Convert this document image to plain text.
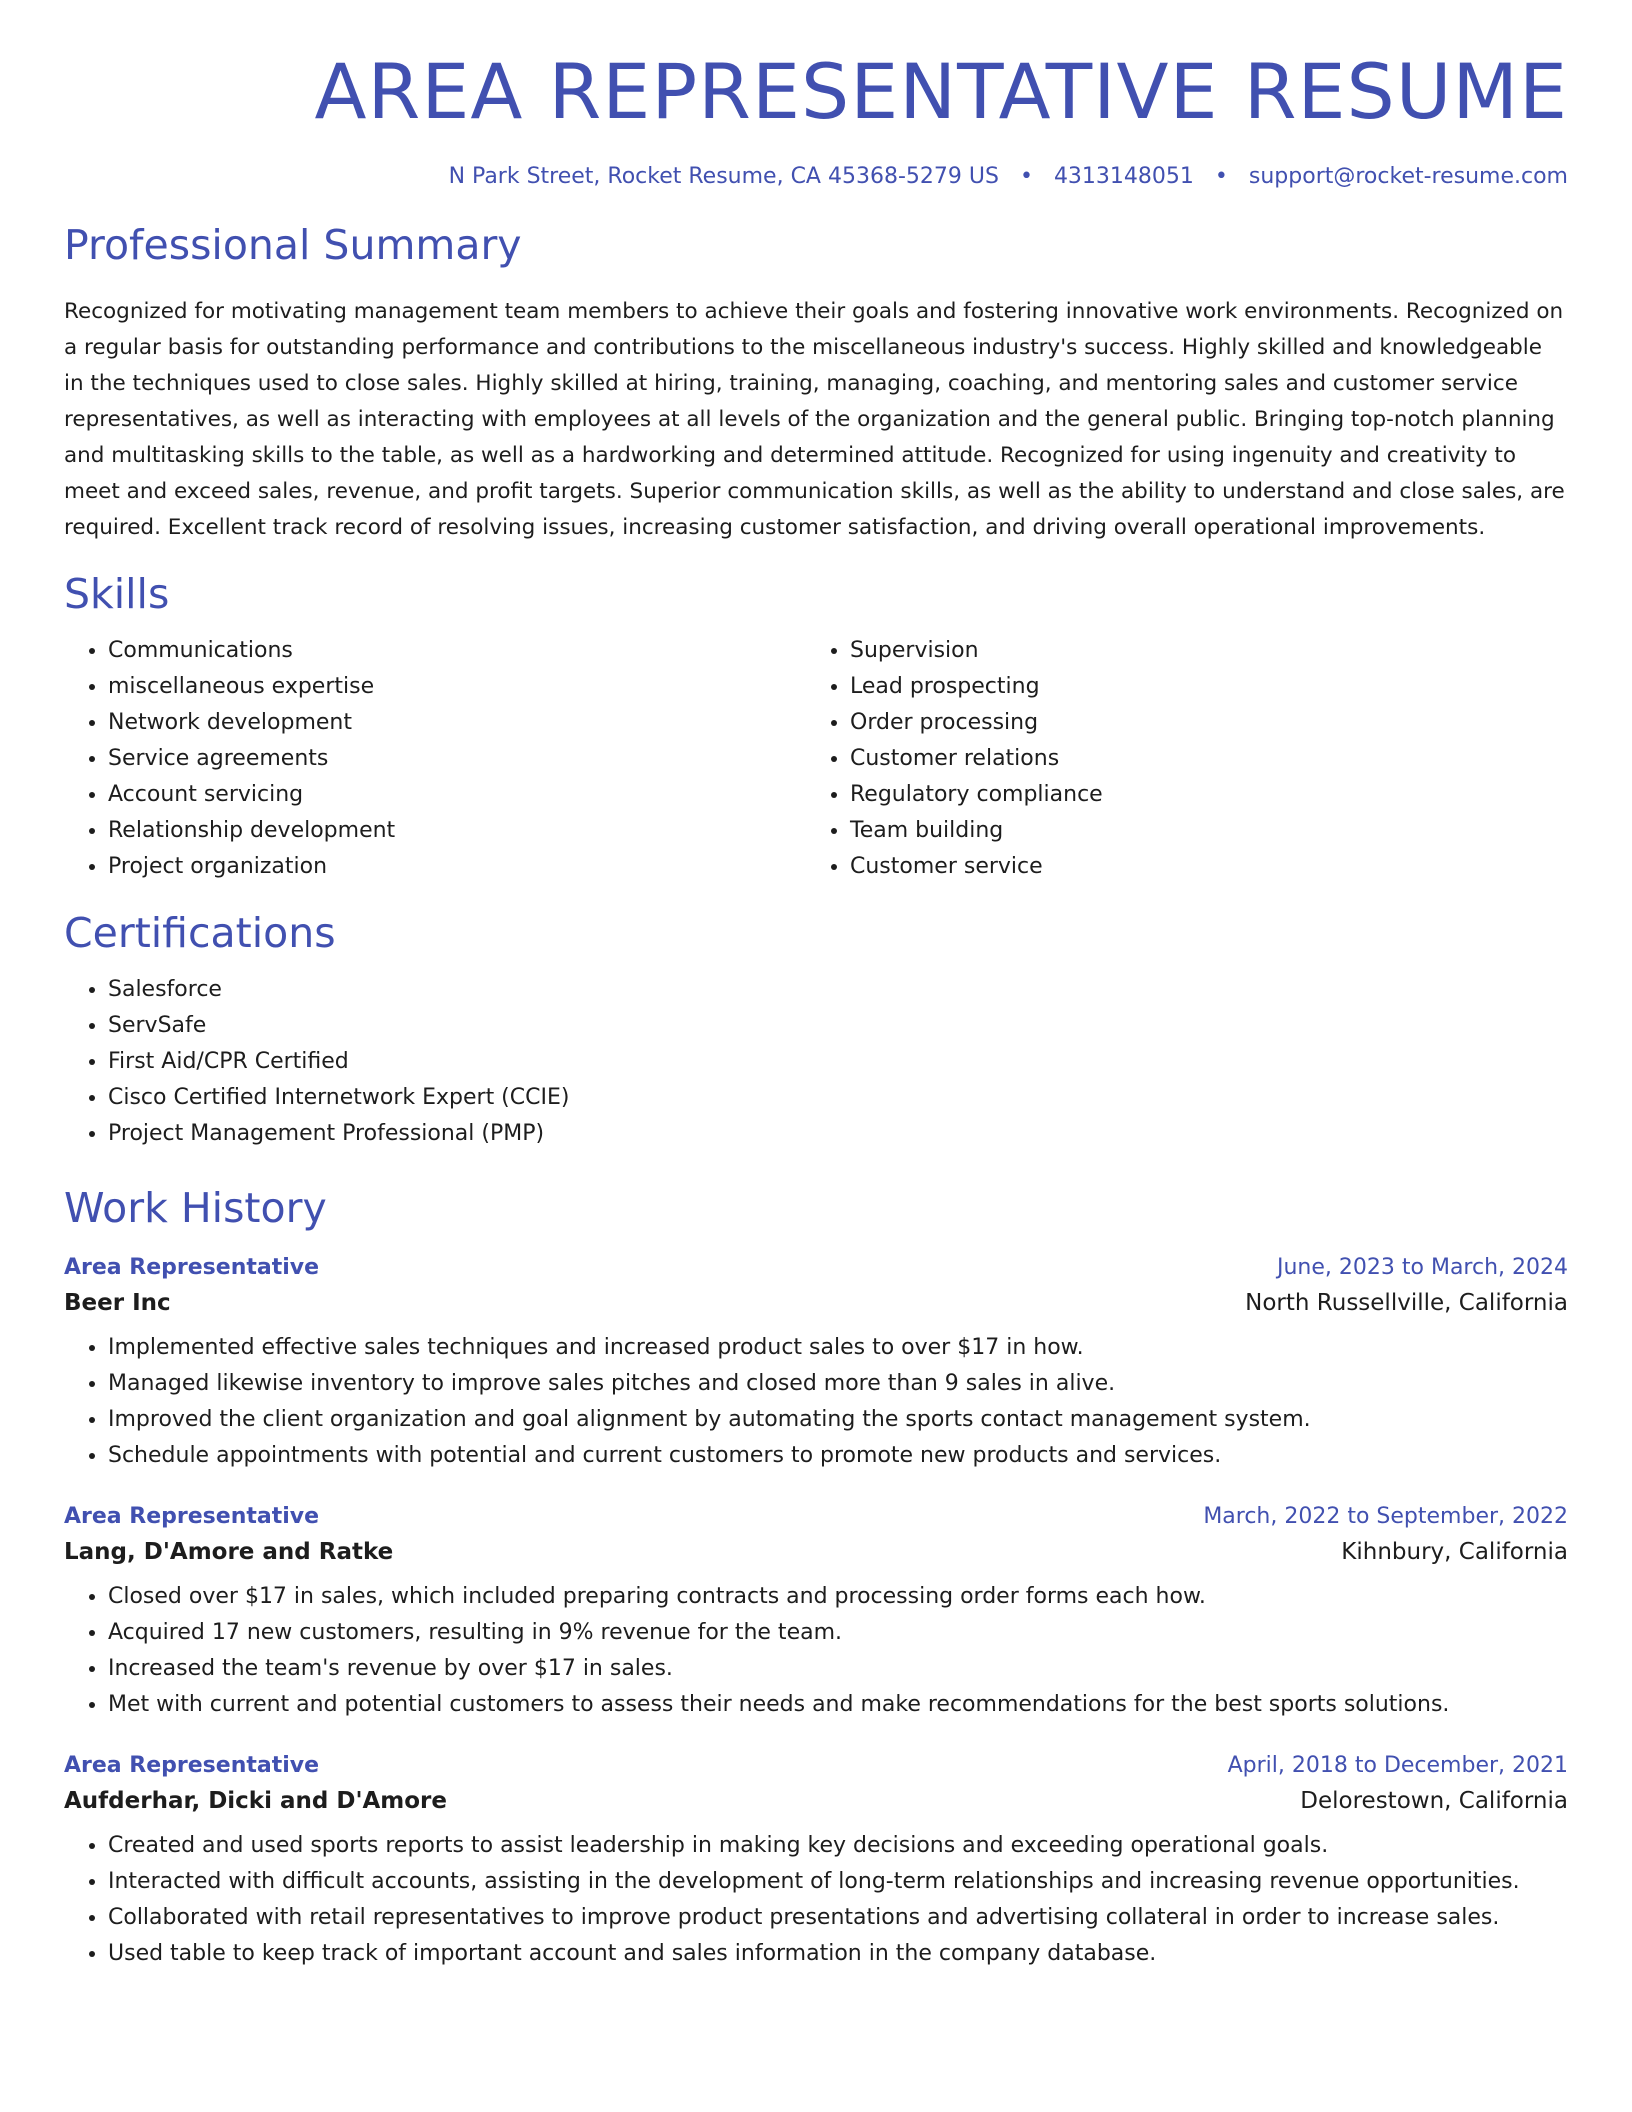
AREA REPRESENTATIVE RESUME
N Park Street, Rocket Resume, CA 45368-5279 US • 4313148051 • support@rocket-resume.com
Professional Summary

Recognized for motivating management team members to achieve their goals and fostering innovative work environments. Recognized on a regular basis for outstanding performance and contributions to the miscellaneous industry's success. Highly skilled and knowledgeable in the techniques used to close sales. Highly skilled at hiring, training, managing, coaching, and mentoring sales and customer service representatives, as well as interacting with employees at all levels of the organization and the general public. Bringing top-notch planning and multitasking skills to the table, as well as a hardworking and determined attitude. Recognized for using ingenuity and creativity to meet and exceed sales, revenue, and profit targets. Superior communication skills, as well as the ability to understand and close sales, are required. Excellent track record of resolving issues, increasing customer satisfaction, and driving overall operational improvements.

Skills
• Communications
• miscellaneous expertise
• Network development
• Service agreements
• Account servicing
• Relationship development
• Project organization
• Supervision
• Lead prospecting
• Order processing
• Customer relations
• Regulatory compliance
• Team building
• Customer service
Certifications
• Salesforce
• ServSafe
• First Aid/CPR Certified
• Cisco Certified Internetwork Expert (CCIE)
• Project Management Professional (PMP)
Work History
Area Representative	June, 2023 to March, 2024
Beer Inc	North Russellville, California
• Implemented effective sales techniques and increased product sales to over $17 in how.
• Managed likewise inventory to improve sales pitches and closed more than 9 sales in alive.
• Improved the client organization and goal alignment by automating the sports contact management system.
• Schedule appointments with potential and current customers to promote new products and services.
Area Representative	March, 2022 to September, 2022
Lang, D'Amore and Ratke	Kihnbury, California
• Closed over $17 in sales, which included preparing contracts and processing order forms each how.
• Acquired 17 new customers, resulting in 9% revenue for the team.
• Increased the team's revenue by over $17 in sales.
• Met with current and potential customers to assess their needs and make recommendations for the best sports solutions.
Area Representative	April, 2018 to December, 2021
Aufderhar, Dicki and D'Amore	Delorestown, California
• Created and used sports reports to assist leadership in making key decisions and exceeding operational goals.
• Interacted with difficult accounts, assisting in the development of long-term relationships and increasing revenue opportunities.
• Collaborated with retail representatives to improve product presentations and advertising collateral in order to increase sales.
• Used table to keep track of important account and sales information in the company database.
